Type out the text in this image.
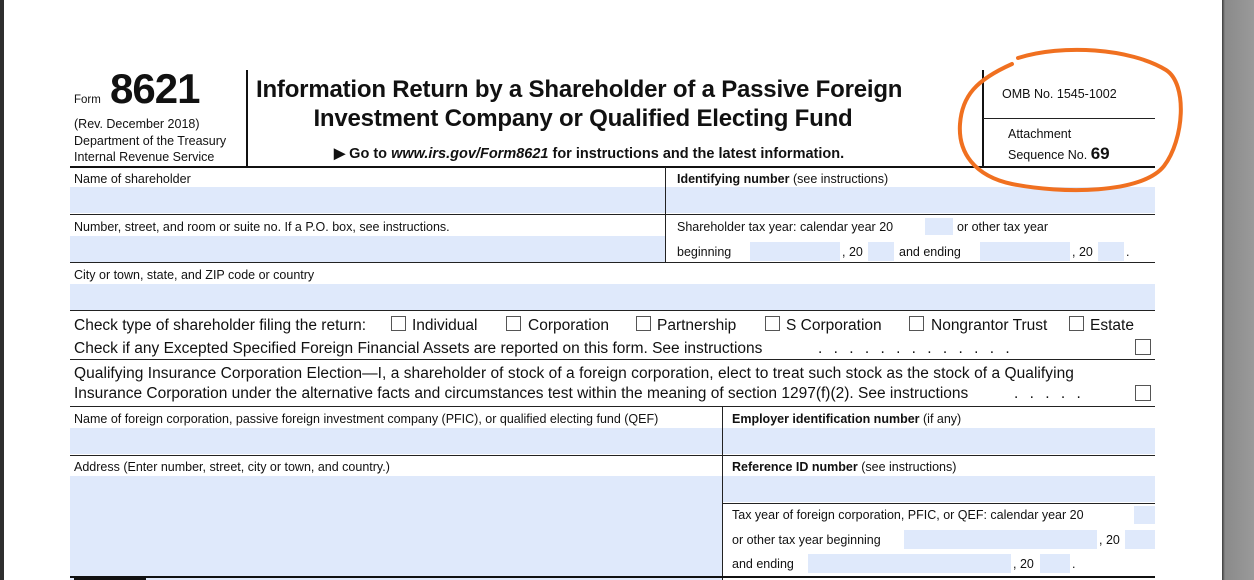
Form 8621
(Rev. December 2018)
Department of the Treasury
Internal Revenue Service
Information Return by a Shareholder of a Passive Foreign
Investment Company or Qualified Electing Fund
▶ Go to www.irs.gov/Form8621 for instructions and the latest information.
OMB No. 1545-1002
Attachment
Sequence No. 69
Name of shareholder	Identifying number (see instructions)
Number, street, and room or suite no. If a P.O. box, see instructions.	Shareholder tax year: calendar year 20	or other tax year
beginning	, 20	and ending	, 20	.
City or town, state, and ZIP code or country
Check type of shareholder filing the return:	Individual	Corporation	Partnership	S Corporation	Nongrantor Trust	Estate
Check if any Excepted Specified Foreign Financial Assets are reported on this form. See instructions	. . . . . . . . . . . . .
Qualifying Insurance Corporation Election—I, a shareholder of stock of a foreign corporation, elect to treat such stock as the stock of a Qualifying
Insurance Corporation under the alternative facts and circumstances test within the meaning of section 1297(f)(2). See instructions	. . . . .
Name of foreign corporation, passive foreign investment company (PFIC), or qualified electing fund (QEF)	Employer identification number (if any)
Address (Enter number, street, city or town, and country.)	Reference ID number (see instructions)
Tax year of foreign corporation, PFIC, or QEF: calendar year 20
or other tax year beginning	, 20
and ending	, 20	.
